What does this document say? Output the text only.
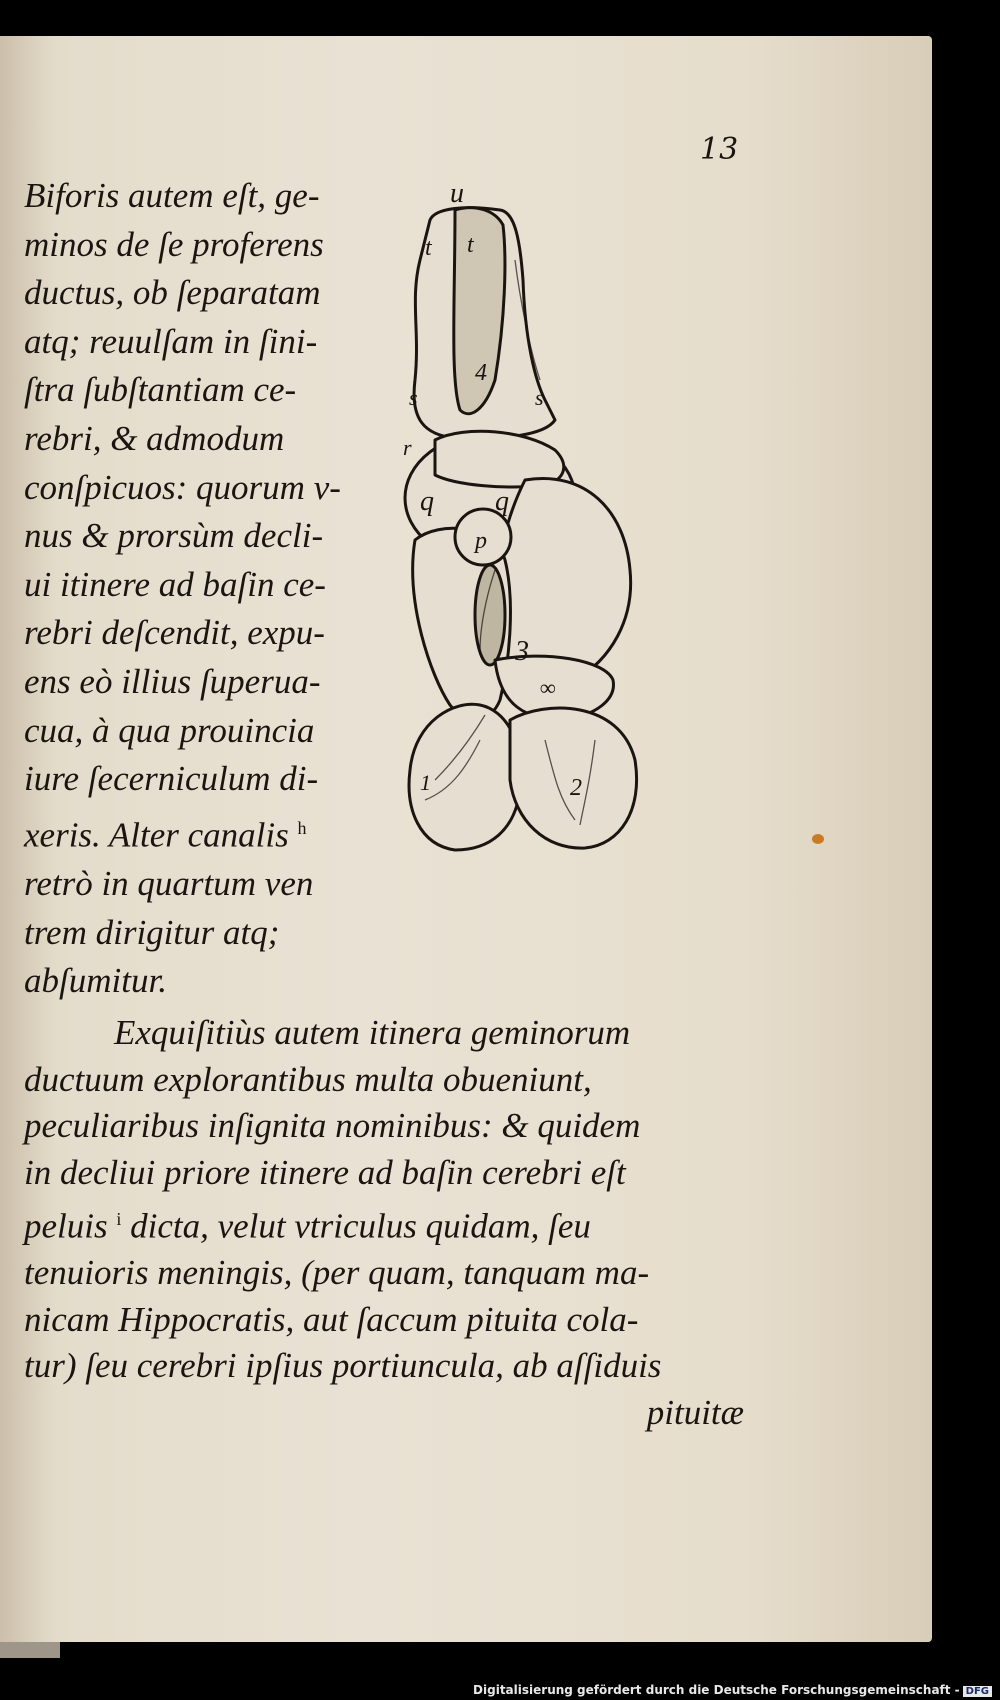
13
Biforis autem eſt, ge-
minos de ſe proferens
ductus, ob ſeparatam
atq; reuulſam in ſini-
ſtra ſubſtantiam ce-
rebri, & admodum
conſpicuos: quorum v-
nus & prorsùm decli-
ui itinere ad baſin ce-
rebri deſcendit, expu-
ens eò illius ſuperua-
cua, à qua prouincia
iure ſecerniculum di-
xeris. Alter canalis $^h$
retrò in quartum ven
trem dirigitur atq;
abſumitur.
u
t t
4
s	s
r
q q
p
3
∞
1	2
Exquiſitiùs autem itinera geminorum
ductuum explorantibus multa obueniunt,
peculiaribus inſignita nominibus: & quidem
in decliui priore itinere ad baſin cerebri eſt
peluis $^i$ dicta, velut vtriculus quidam, ſeu
tenuioris meningis, (per quam, tanquam ma-
nicam Hippocratis, aut ſaccum pituita cola-
tur) ſeu cerebri ipſius portiuncula, ab aſſiduis
pituitæ
Digitalisierung gefördert durch die Deutsche Forschungsgemeinschaft - DFG
